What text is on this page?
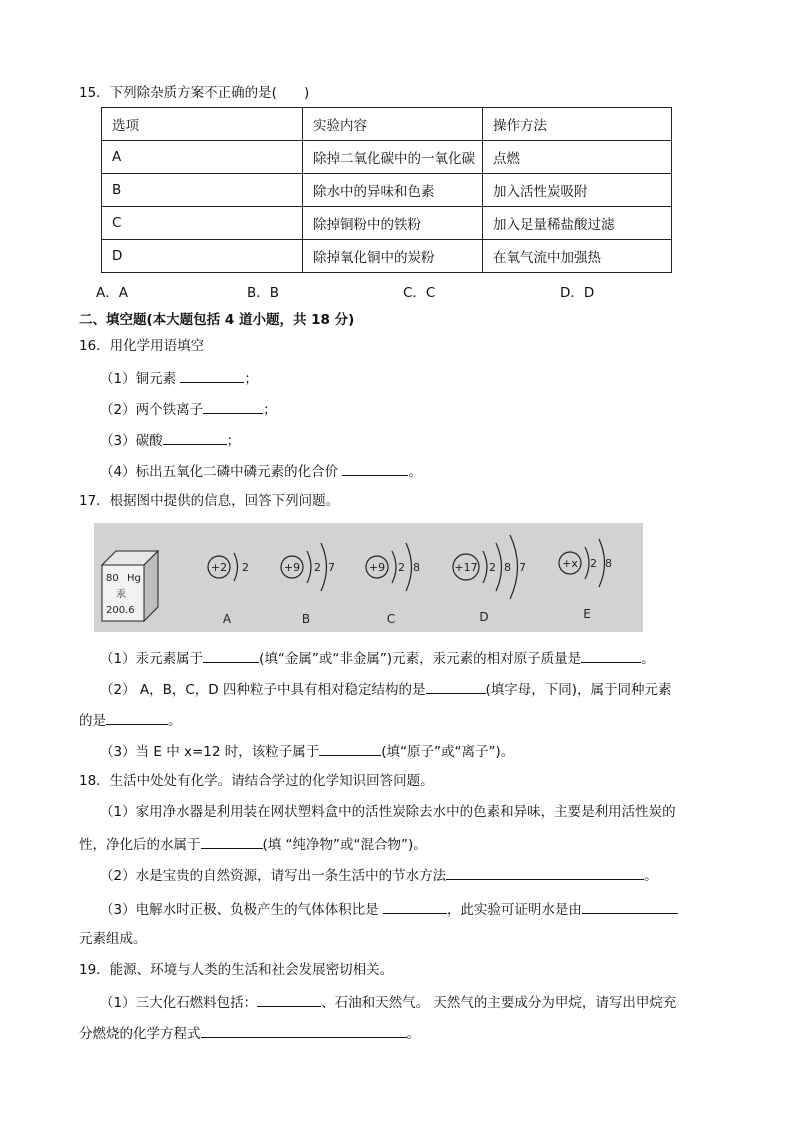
15．下列除杂质方案不正确的是(　　)
选项	实验内容	操作方法
A	除掉二氧化碳中的一氧化碳	点燃
B	除水中的异味和色素	加入活性炭吸附
C	除掉铜粉中的铁粉	加入足量稀盐酸过滤
D	除掉氧化铜中的炭粉	在氧气流中加强热
A．A	B．B	C．C	D．D
二、填空题(本大题包括 4 道小题，共 18 分)
16．用化学用语填空
（1）铜元素	；
（2）两个铁离子	；
（3）碳酸	；
（4）标出五氧化二磷中磷元素的化合价	。
17．根据图中提供的信息，回答下列问题。
80 Hg
汞
200.6
+2 2
A
+9 2 7
B
+9 2 8
C
+17 2 8 7
D
+x 2 8
E
（1）汞元素属于	(填“金属”或“非金属”)元素，汞元素的相对原子质量是	。
（2） A，B，C，D 四种粒子中具有相对稳定结构的是	(填字母，下同)，属于同种元素
的是	。
（3）当 E 中 x=12 时，该粒子属于	(填“原子”或“离子”)。
18．生活中处处有化学。请结合学过的化学知识回答问题。
（1）家用净水器是利用装在网状塑料盒中的活性炭除去水中的色素和异味，主要是利用活性炭的
性，净化后的水属于	(填 “纯净物”或“混合物”)。
（2）水是宝贵的自然资源，请写出一条生活中的节水方法	。
（3）电解水时正极、负极产生的气体体积比是	，此实验可证明水是由
元素组成。
19．能源、环境与人类的生活和社会发展密切相关。
（1）三大化石燃料包括：	、石油和天然气。 天然气的主要成分为甲烷，请写出甲烷充
分燃烧的化学方程式	。
